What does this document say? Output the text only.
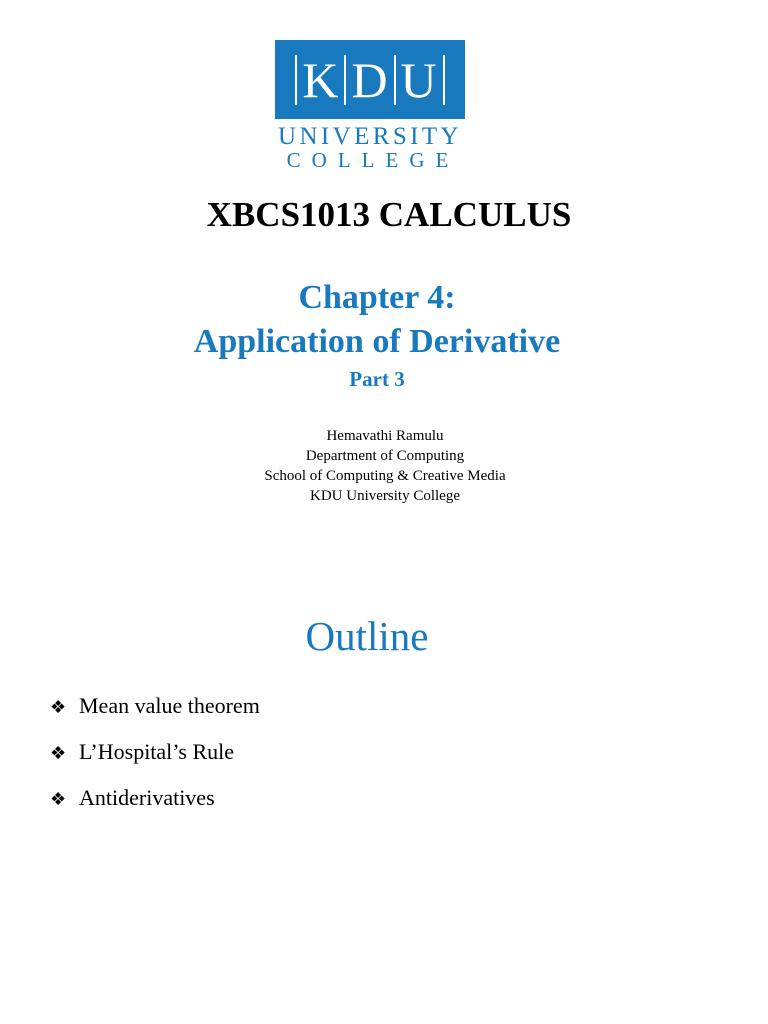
K D U
UNIVERSITY
COLLEGE
XBCS1013 CALCULUS
Chapter 4:
Application of Derivative
Part 3
Hemavathi Ramulu
Department of Computing
School of Computing & Creative Media
KDU University College
Outline
❖ Mean value theorem
❖ L’Hospital’s Rule
❖ Antiderivatives
